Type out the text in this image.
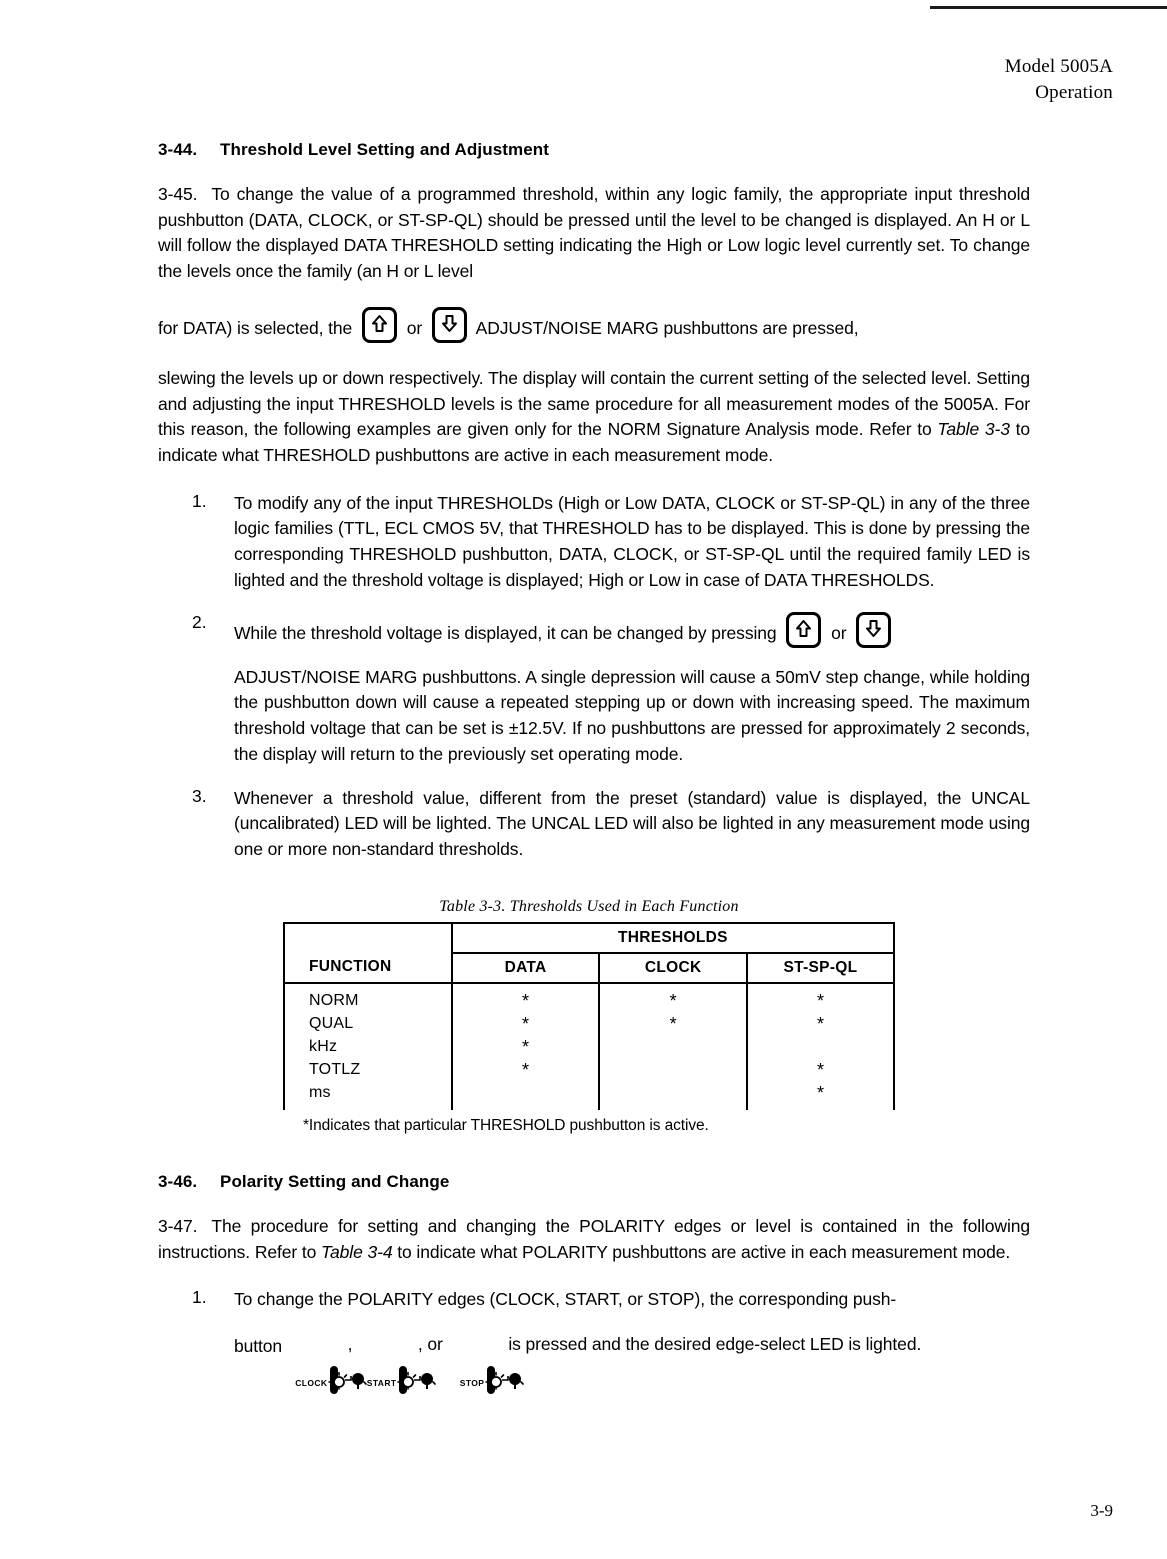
Model 5005A
Operation
3-44. Threshold Level Setting and Adjustment

3-45. To change the value of a programmed threshold, within any logic family, the appropriate input threshold pushbutton (DATA, CLOCK, or ST-SP-QL) should be pressed until the level to be changed is displayed. An H or L will follow the displayed DATA THRESHOLD setting indicating the High or Low logic level currently set. To change the levels once the family (an H or L level

for DATA) is selected, the	or	ADJUST/NOISE MARG pushbuttons are pressed,

slewing the levels up or down respectively. The display will contain the current setting of the selected level. Setting and adjusting the input THRESHOLD levels is the same procedure for all measurement modes of the 5005A. For this reason, the following examples are given only for the NORM Signature Analysis mode. Refer to Table 3-3 to indicate what THRESHOLD pushbuttons are active in each measurement mode.

1. To modify any of the input THRESHOLDs (High or Low DATA, CLOCK or ST-SP-QL) in any of the three logic families (TTL, ECL CMOS 5V, that THRESHOLD has to be displayed. This is done by pressing the corresponding THRESHOLD pushbutton, DATA, CLOCK, or ST-SP-QL until the required family LED is lighted and the threshold voltage is displayed; High or Low in case of DATA THRESHOLDS.

2.

While the threshold voltage is displayed, it can be changed by pressing	or

ADJUST/NOISE MARG pushbuttons. A single depression will cause a 50mV step change, while holding the pushbutton down will cause a repeated stepping up or down with increasing speed. The maximum threshold voltage that can be set is ±12.5V. If no pushbuttons are pressed for approximately 2 seconds, the display will return to the previously set operating mode.

3. Whenever a threshold value, different from the preset (standard) value is displayed, the UNCAL (uncalibrated) LED will be lighted. The UNCAL LED will also be lighted in any measurement mode using one or more non-standard thresholds.

Table 3-3. Thresholds Used in Each Function
FUNCTION	THRESHOLDS		
	DATA	CLOCK	ST-SP-QL
NORM	*	*	*
QUAL	*	*	*
kHz	*		
TOTLZ	*		*
ms			*
*Indicates that particular THRESHOLD pushbutton is active.
3-46. Polarity Setting and Change

3-47. The procedure for setting and changing the POLARITY edges or level is contained in the following instructions. Refer to Table 3-4 to indicate what POLARITY pushbuttons are active in each measurement mode.

1. To change the POLARITY edges (CLOCK, START, or STOP), the corresponding push-

button CLOCK
, START
, or STOP
is pressed and the desired edge-select LED is lighted.

3-9
